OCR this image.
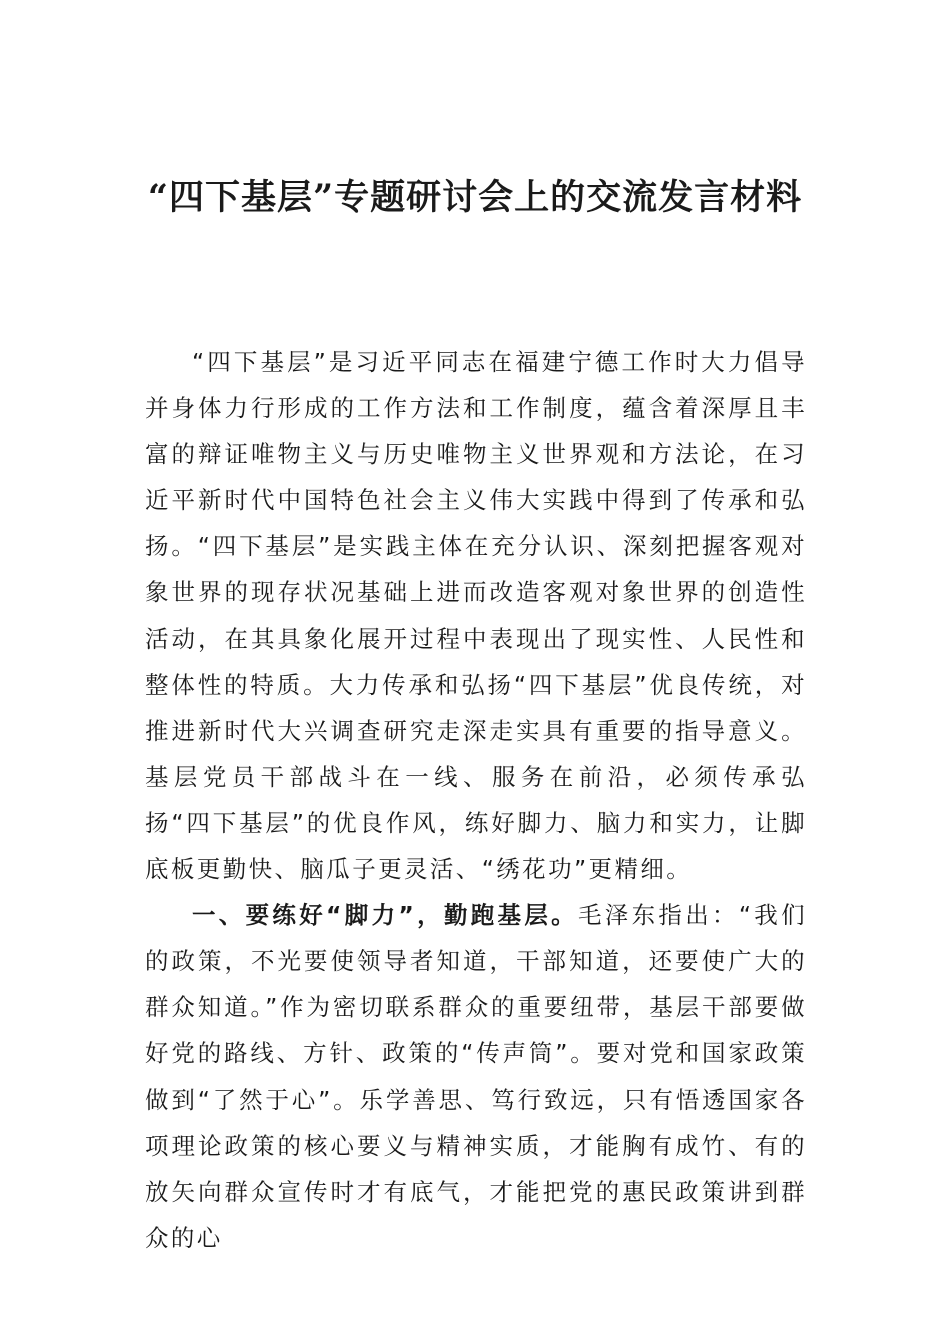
“四下基层”专题研讨会上的交流发言材料

“四下基层”是习近平同志在福建宁德工作时大力倡导并身体力行形成的工作方法和工作制度，蕴含着深厚且丰富的辩证唯物主义与历史唯物主义世界观和方法论，在习近平新时代中国特色社会主义伟大实践中得到了传承和弘扬。“四下基层”是实践主体在充分认识、深刻把握客观对象世界的现存状况基础上进而改造客观对象世界的创造性活动，在其具象化展开过程中表现出了现实性、人民性和整体性的特质。大力传承和弘扬“四下基层”优良传统，对推进新时代大兴调查研究走深走实具有重要的指导意义。基层党员干部战斗在一线、服务在前沿，必须传承弘扬“四下基层”的优良作风，练好脚力、脑力和实力，让脚底板更勤快、脑瓜子更灵活、“绣花功”更精细。

一、要练好“脚力”，勤跑基层。毛泽东指出：“我们的政策，不光要使领导者知道，干部知道，还要使广大的群众知道。”作为密切联系群众的重要纽带，基层干部要做好党的路线、方针、政策的“传声筒”。要对党和国家政策做到“了然于心”。乐学善思、笃行致远，只有悟透国家各项理论政策的核心要义与精神实质，才能胸有成竹、有的放矢向群众宣传时才有底气，才能把党的惠民政策讲到群众的心
